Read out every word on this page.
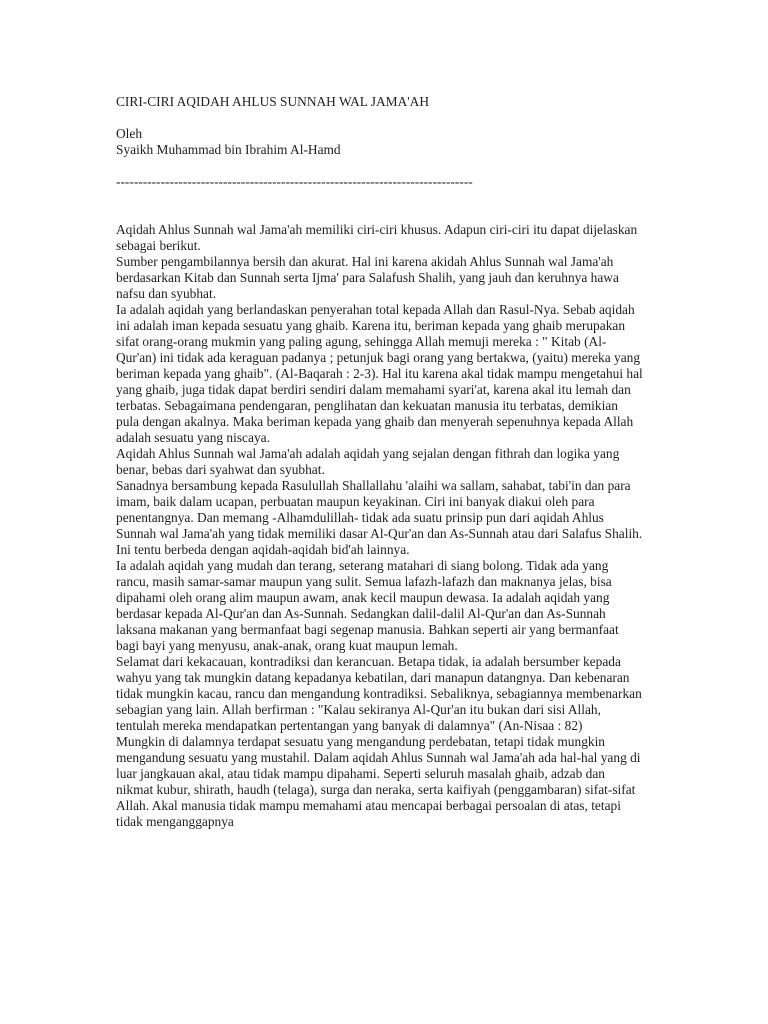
CIRI-CIRI AQIDAH AHLUS SUNNAH WAL JAMA'AH

Oleh

Syaikh Muhammad bin Ibrahim Al-Hamd

--------------------------------------------------------------------------------

Aqidah Ahlus Sunnah wal Jama'ah memiliki ciri-ciri khusus. Adapun ciri-ciri itu dapat dijelaskan sebagai berikut.

Sumber pengambilannya bersih dan akurat. Hal ini karena akidah Ahlus Sunnah wal Jama'ah berdasarkan Kitab dan Sunnah serta Ijma' para Salafush Shalih, yang jauh dan keruhnya hawa nafsu dan syubhat.

Ia adalah aqidah yang berlandaskan penyerahan total kepada Allah dan Rasul-Nya. Sebab aqidah ini adalah iman kepada sesuatu yang ghaib. Karena itu, beriman kepada yang ghaib merupakan sifat orang-orang mukmin yang paling agung, sehingga Allah memuji mereka : " Kitab (Al-Qur'an) ini tidak ada keraguan padanya ; petunjuk bagi orang yang bertakwa, (yaitu) mereka yang beriman kepada yang ghaib". (Al-Baqarah : 2-3). Hal itu karena akal tidak mampu mengetahui hal yang ghaib, juga tidak dapat berdiri sendiri dalam memahami syari'at, karena akal itu lemah dan terbatas. Sebagaimana pendengaran, penglihatan dan kekuatan manusia itu terbatas, demikian pula dengan akalnya. Maka beriman kepada yang ghaib dan menyerah sepenuhnya kepada Allah adalah sesuatu yang niscaya.

Aqidah Ahlus Sunnah wal Jama'ah adalah aqidah yang sejalan dengan fithrah dan logika yang benar, bebas dari syahwat dan syubhat.

Sanadnya bersambung kepada Rasulullah Shallallahu 'alaihi wa sallam, sahabat, tabi'in dan para imam, baik dalam ucapan, perbuatan maupun keyakinan. Ciri ini banyak diakui oleh para penentangnya. Dan memang -Alhamdulillah- tidak ada suatu prinsip pun dari aqidah Ahlus Sunnah wal Jama'ah yang tidak memiliki dasar Al-Qur'an dan As-Sunnah atau dari Salafus Shalih. Ini tentu berbeda dengan aqidah-aqidah bid'ah lainnya.

Ia adalah aqidah yang mudah dan terang, seterang matahari di siang bolong. Tidak ada yang rancu, masih samar-samar maupun yang sulit. Semua lafazh-lafazh dan maknanya jelas, bisa dipahami oleh orang alim maupun awam, anak kecil maupun dewasa. Ia adalah aqidah yang berdasar kepada Al-Qur'an dan As-Sunnah. Sedangkan dalil-dalil Al-Qur'an dan As-Sunnah laksana makanan yang bermanfaat bagi segenap manusia. Bahkan seperti air yang bermanfaat bagi bayi yang menyusu, anak-anak, orang kuat maupun lemah.

Selamat dari kekacauan, kontradiksi dan kerancuan. Betapa tidak, ia adalah bersumber kepada wahyu yang tak mungkin datang kepadanya kebatilan, dari manapun datangnya. Dan kebenaran tidak mungkin kacau, rancu dan mengandung kontradiksi. Sebaliknya, sebagiannya membenarkan sebagian yang lain. Allah berfirman : "Kalau sekiranya Al-Qur'an itu bukan dari sisi Allah, tentulah mereka mendapatkan pertentangan yang banyak di dalamnya" (An-Nisaa : 82)

Mungkin di dalamnya terdapat sesuatu yang mengandung perdebatan, tetapi tidak mungkin mengandung sesuatu yang mustahil. Dalam aqidah Ahlus Sunnah wal Jama'ah ada hal-hal yang di luar jangkauan akal, atau tidak mampu dipahami. Seperti seluruh masalah ghaib, adzab dan nikmat kubur, shirath, haudh (telaga), surga dan neraka, serta kaifiyah (penggambaran) sifat-sifat Allah. Akal manusia tidak mampu memahami atau mencapai berbagai persoalan di atas, tetapi tidak menganggapnya
